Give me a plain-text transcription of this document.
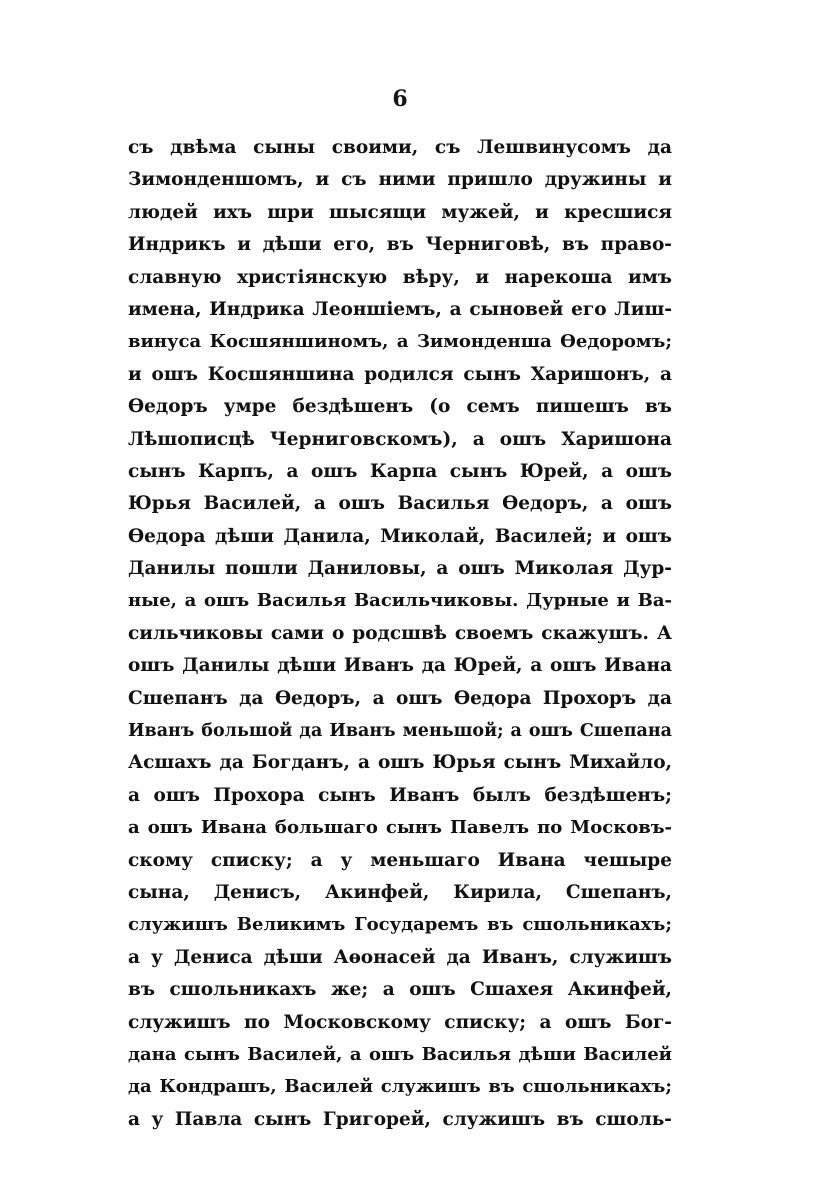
6
съ двѣма сыны своими, съ Лешвинусомъ да
Зимонденшомъ, и съ ними пришло дружины и
людей ихъ шри шысящи мужей, и кресшися
Индрикъ и дѣши его, въ Черниговѣ, въ право-
славную христіянскую вѣру, и нарекоша имъ
имена, Индрика Леоншіемъ, а сыновей его Лиш-
винуса Косшяншиномъ, а Зимонденша Ѳедоромъ;
и ошъ Косшяншина родился сынъ Харишонъ, а
Ѳедоръ умре бездѣшенъ (о семъ пишешъ въ
Лѣшописцѣ Черниговскомъ), а ошъ Харишона
сынъ Карпъ, а ошъ Карпа сынъ Юрей, а ошъ
Юрья Василей, а ошъ Василья Ѳедоръ, а ошъ
Ѳедора дѣши Данила, Миколай, Василей; и ошъ
Данилы пошли Даниловы, а ошъ Миколая Дур-
ные, а ошъ Василья Васильчиковы. Дурные и Ва-
сильчиковы сами о родсшвѣ своемъ скажушъ. А
ошъ Данилы дѣши Иванъ да Юрей, а ошъ Ивана
Сшепанъ да Ѳедоръ, а ошъ Ѳедора Прохоръ да
Иванъ большой да Иванъ меньшой; а ошъ Сшепана
Асшахъ да Богданъ, а ошъ Юрья сынъ Михайло,
а ошъ Прохора сынъ Иванъ былъ бездѣшенъ;
а ошъ Ивана большаго сынъ Павелъ по Московъ-
скому списку; а у меньшаго Ивана чешыре
сына, Денисъ, Акинфей, Кирила, Сшепанъ,
служишъ Великимъ Государемъ въ сшольникахъ;
а у Дениса дѣши Аѳонасей да Иванъ, служишъ
въ сшольникахъ же; а ошъ Сшахея Акинфей,
служишъ по Московскому списку; а ошъ Бог-
дана сынъ Василей, а ошъ Василья дѣши Василей
да Кондрашъ, Василей служишъ въ сшольникахъ;
а у Павла сынъ Григорей, служишъ въ сшоль-
